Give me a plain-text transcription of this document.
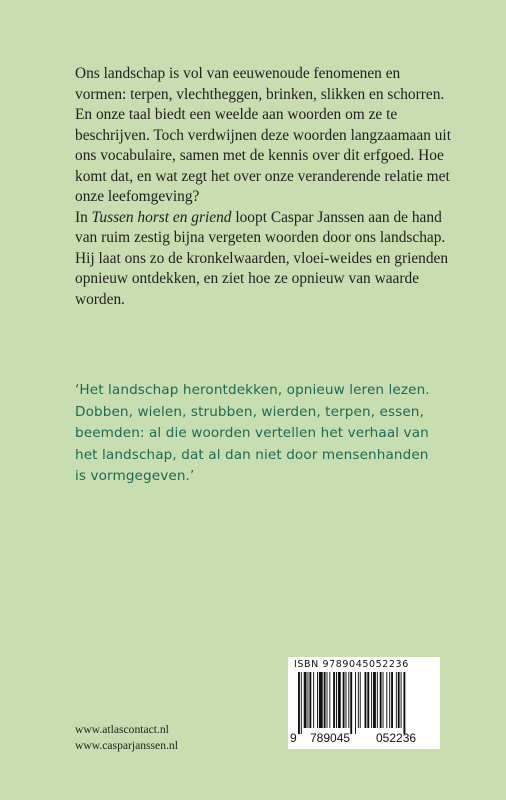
Ons landschap is vol van eeuwenoude fenomenen en vormen: terpen, vlechtheggen, brinken, slikken en schorren. En onze taal biedt een weelde aan woorden om ze te beschrijven. Toch verdwijnen deze woorden langzaamaan uit ons vocabulaire, samen met de kennis over dit erfgoed. Hoe komt dat, en wat zegt het over onze veranderende relatie met onze leefomgeving?

In Tussen horst en griend loopt Caspar Janssen aan de hand van ruim zestig bijna vergeten woorden door ons landschap. Hij laat ons zo de kronkelwaarden, vloei-weides en grienden opnieuw ontdekken, en ziet hoe ze opnieuw van waarde worden.

‘Het landschap herontdekken, opnieuw leren lezen. Dobben, wielen, strubben, wierden, terpen, essen, beemden: al die woorden vertellen het verhaal van het landschap, dat al dan niet door mensenhanden is vormgegeven.’

www.atlascontact.nl
www.casparjanssen.nl
ISBN 9789045052236
9 789045 052236
